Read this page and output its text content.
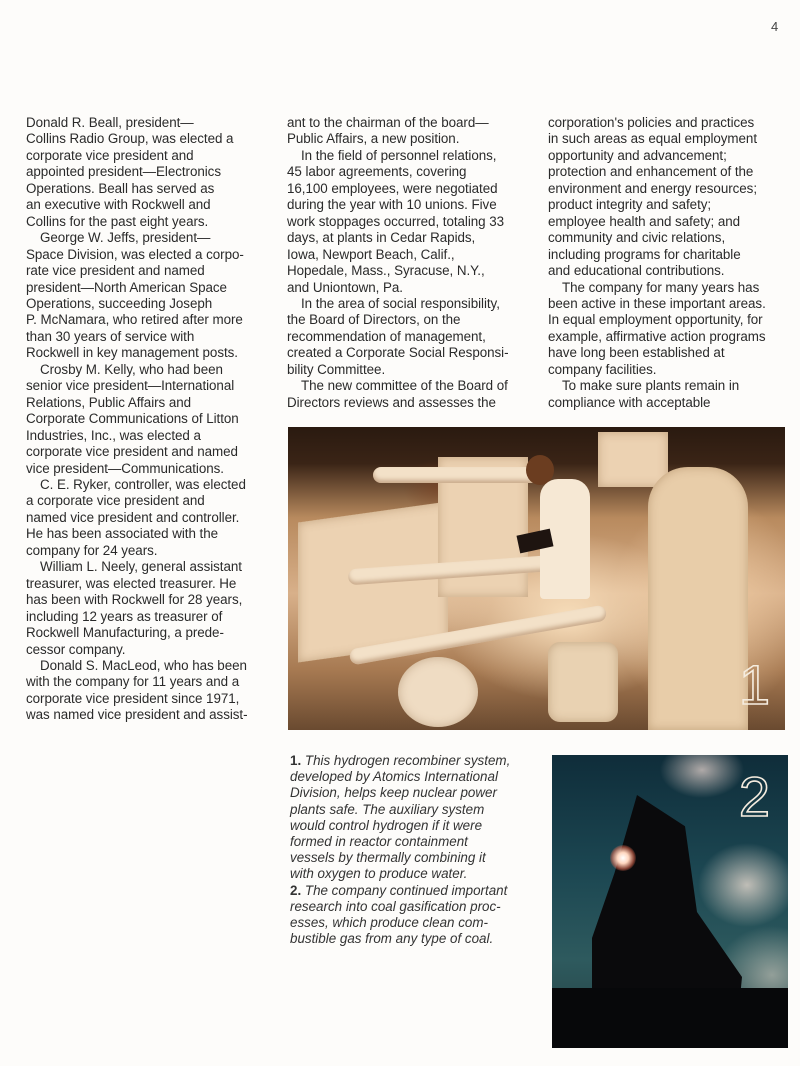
4
Donald R. Beall, president—
Collins Radio Group, was elected a
corporate vice president and
appointed president—Electronics
Operations. Beall has served as
an executive with Rockwell and
Collins for the past eight years.
George W. Jeffs, president—
Space Division, was elected a corpo-
rate vice president and named
president—North American Space
Operations, succeeding Joseph
P. McNamara, who retired after more
than 30 years of service with
Rockwell in key management posts.
Crosby M. Kelly, who had been
senior vice president—International
Relations, Public Affairs and
Corporate Communications of Litton
Industries, Inc., was elected a
corporate vice president and named
vice president—Communications.
C. E. Ryker, controller, was elected
a corporate vice president and
named vice president and controller.
He has been associated with the
company for 24 years.
William L. Neely, general assistant
treasurer, was elected treasurer. He
has been with Rockwell for 28 years,
including 12 years as treasurer of
Rockwell Manufacturing, a prede-
cessor company.
Donald S. MacLeod, who has been
with the company for 11 years and a
corporate vice president since 1971,
was named vice president and assist-
ant to the chairman of the board—
Public Affairs, a new position.
In the field of personnel relations,
45 labor agreements, covering
16,100 employees, were negotiated
during the year with 10 unions. Five
work stoppages occurred, totaling 33
days, at plants in Cedar Rapids,
Iowa, Newport Beach, Calif.,
Hopedale, Mass., Syracuse, N.Y.,
and Uniontown, Pa.
In the area of social responsibility,
the Board of Directors, on the
recommendation of management,
created a Corporate Social Responsi-
bility Committee.
The new committee of the Board of
Directors reviews and assesses the
corporation's policies and practices
in such areas as equal employment
opportunity and advancement;
protection and enhancement of the
environment and energy resources;
product integrity and safety;
employee health and safety; and
community and civic relations,
including programs for charitable
and educational contributions.
The company for many years has
been active in these important areas.
In equal employment opportunity, for
example, affirmative action programs
have long been established at
company facilities.
To make sure plants remain in
compliance with acceptable
1
2
1. This hydrogen recombiner system,
developed by Atomics International
Division, helps keep nuclear power
plants safe. The auxiliary system
would control hydrogen if it were
formed in reactor containment
vessels by thermally combining it
with oxygen to produce water.
2. The company continued important
research into coal gasification proc-
esses, which produce clean com-
bustible gas from any type of coal.
